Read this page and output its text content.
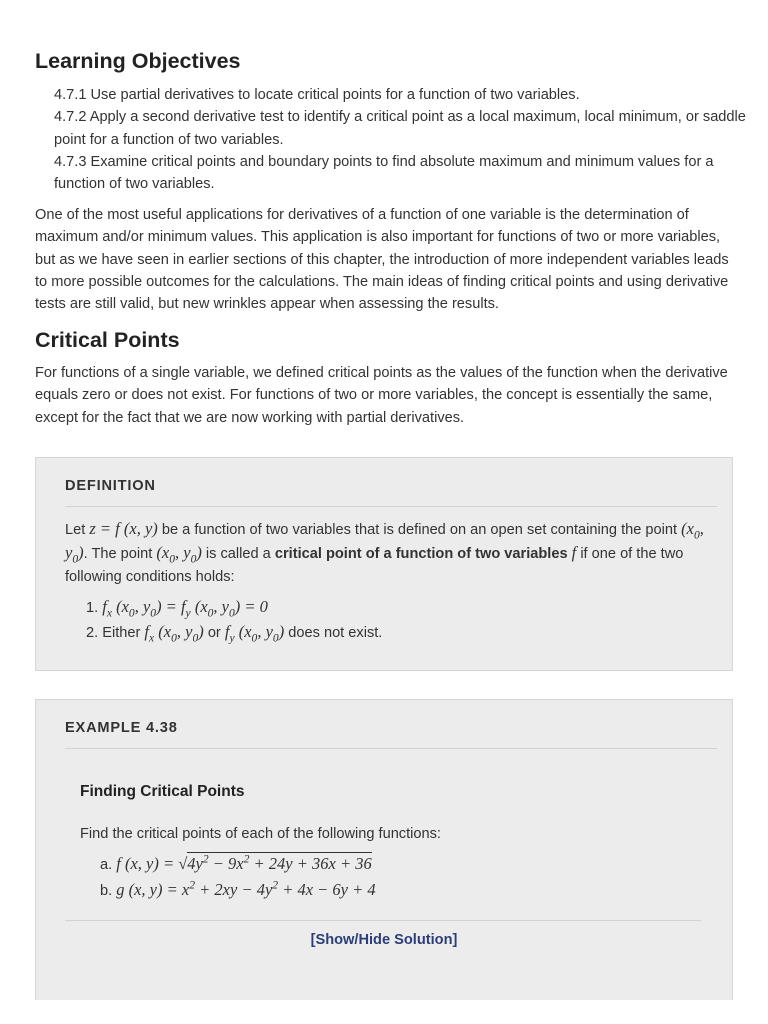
Learning Objectives
4.7.1 Use partial derivatives to locate critical points for a function of two variables.
4.7.2 Apply a second derivative test to identify a critical point as a local maximum, local minimum, or saddle point for a function of two variables.
4.7.3 Examine critical points and boundary points to find absolute maximum and minimum values for a function of two variables.

One of the most useful applications for derivatives of a function of one variable is the determination of maximum and/or minimum values. This application is also important for functions of two or more variables, but as we have seen in earlier sections of this chapter, the introduction of more independent variables leads to more possible outcomes for the calculations. The main ideas of finding critical points and using derivative tests are still valid, but new wrinkles appear when assessing the results.

Critical Points

For functions of a single variable, we defined critical points as the values of the function when the derivative equals zero or does not exist. For functions of two or more variables, the concept is essentially the same, except for the fact that we are now working with partial derivatives.

DEFINITION
Let z = f (x, y) be a function of two variables that is defined on an open set containing the point ($x_0$, $y_0$). The point ($x_0$, $y_0$) is called a critical point of a function of two variables f if one of the two following conditions holds:
1. $f_x$ ($x_0$, $y_0) = f_y$ ($x_0$, $y_0) = 0$
2. Either $f_x$ ($x_0$, $y_0$) or $f_y$ ($x_0$, $y_0$) does not exist.
EXAMPLE 4.38
Finding Critical Points
Find the critical points of each of the following functions:
a. f (x, $y) = √4y^2 - 9x^2 + 24y + 36x + 36$
b. g (x, $y) = x^2 + 2xy - 4y^2 + 4x - 6y + 4$
[Show/Hide Solution]
